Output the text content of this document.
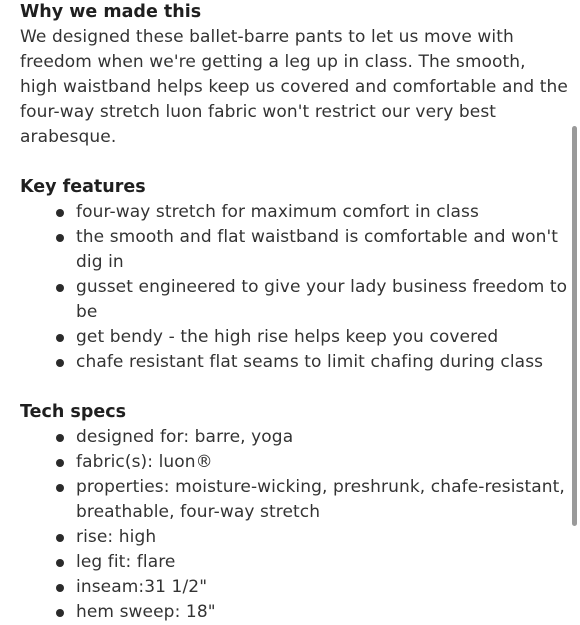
Why we made this

We designed these ballet-barre pants to let us move with freedom when we're getting a leg up in class. The smooth, high waistband helps keep us covered and comfortable and the four-way stretch luon fabric won't restrict our very best arabesque.

Key features
four-way stretch for maximum comfort in class
the smooth and flat waistband is comfortable and won't dig in
gusset engineered to give your lady business freedom to be
get bendy - the high rise helps keep you covered
chafe resistant flat seams to limit chafing during class
Tech specs
designed for: barre, yoga
fabric(s): luon®
properties: moisture-wicking, preshrunk, chafe-resistant, breathable, four-way stretch
rise: high
leg fit: flare
inseam:31 1/2"
hem sweep: 18"
